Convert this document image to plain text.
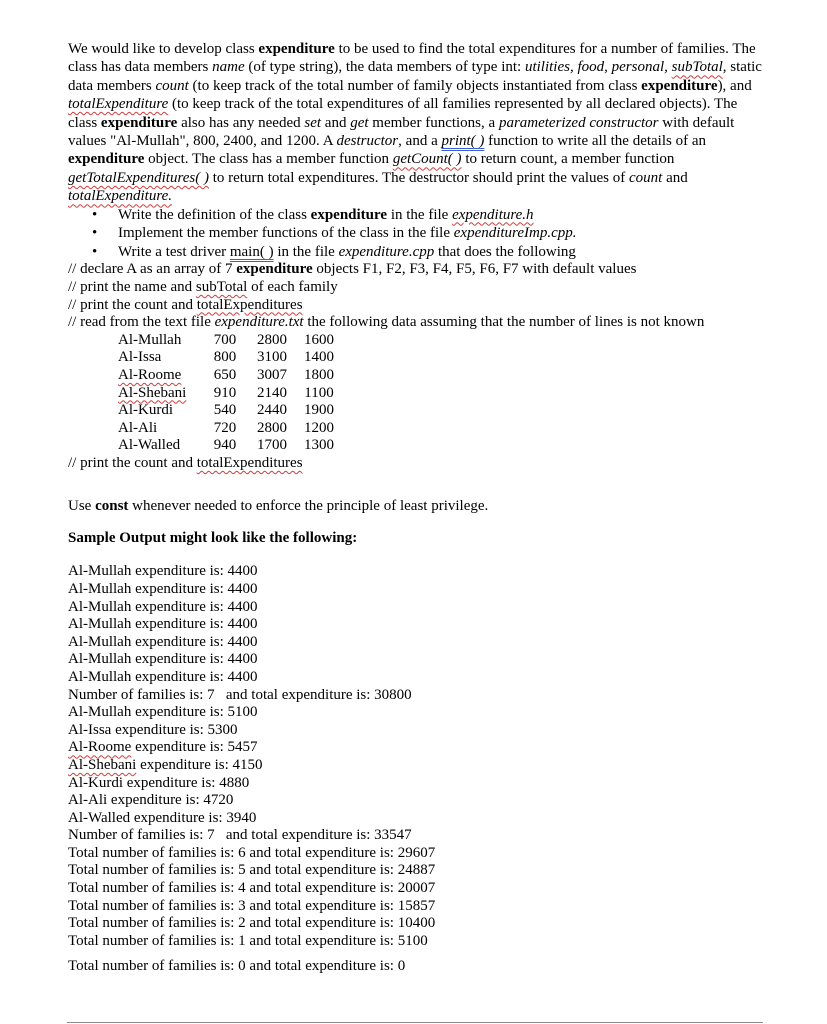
We would like to develop class expenditure to be used to find the total expenditures for a number of families. The class has data members name (of type string), the data members of type int: utilities, food, personal, subTotal, static data members count (to keep track of the total number of family objects instantiated from class expenditure), and totalExpenditure (to keep track of the total expenditures of all families represented by all declared objects). The class expenditure also has any needed set and get member functions, a parameterized constructor with default values "Al-Mullah", 800, 2400, and 1200. A destructor, and a print( ) function to write all the details of an expenditure object. The class has a member function getCount( ) to return count, a member function getTotalExpenditures( ) to return total expenditures. The destructor should print the values of count and totalExpenditure.

• Write the definition of the class expenditure in the file expenditure.h
• Implement the member functions of the class in the file expenditureImp.cpp.
• Write a test driver main( ) in the file expenditure.cpp that does the following

// declare A as an array of 7 expenditure objects F1, F2, F3, F4, F5, F6, F7 with default values

// print the name and subTotal of each family

// print the count and totalExpenditures

// read from the text file expenditure.txt the following data assuming that the number of lines is not known

Al-Mullah	700	2800	1600
Al-Issa	800	3100	1400
Al-Roome	650	3007	1800
Al-Shebani	910	2140	1100
Al-Kurdi	540	2440	1900
Al-Ali	720	2800	1200
Al-Walled	940	1700	1300

// print the count and totalExpenditures

Use const whenever needed to enforce the principle of least privilege.

Sample Output might look like the following:

Al-Mullah expenditure is: 4400

Al-Mullah expenditure is: 4400

Al-Mullah expenditure is: 4400

Al-Mullah expenditure is: 4400

Al-Mullah expenditure is: 4400

Al-Mullah expenditure is: 4400

Al-Mullah expenditure is: 4400

Number of families is: 7   and total expenditure is: 30800

Al-Mullah expenditure is: 5100

Al-Issa expenditure is: 5300

Al-Roome expenditure is: 5457

Al-Shebani expenditure is: 4150

Al-Kurdi expenditure is: 4880

Al-Ali expenditure is: 4720

Al-Walled expenditure is: 3940

Number of families is: 7   and total expenditure is: 33547

Total number of families is: 6 and total expenditure is: 29607

Total number of families is: 5 and total expenditure is: 24887

Total number of families is: 4 and total expenditure is: 20007

Total number of families is: 3 and total expenditure is: 15857

Total number of families is: 2 and total expenditure is: 10400

Total number of families is: 1 and total expenditure is: 5100

Total number of families is: 0 and total expenditure is: 0
